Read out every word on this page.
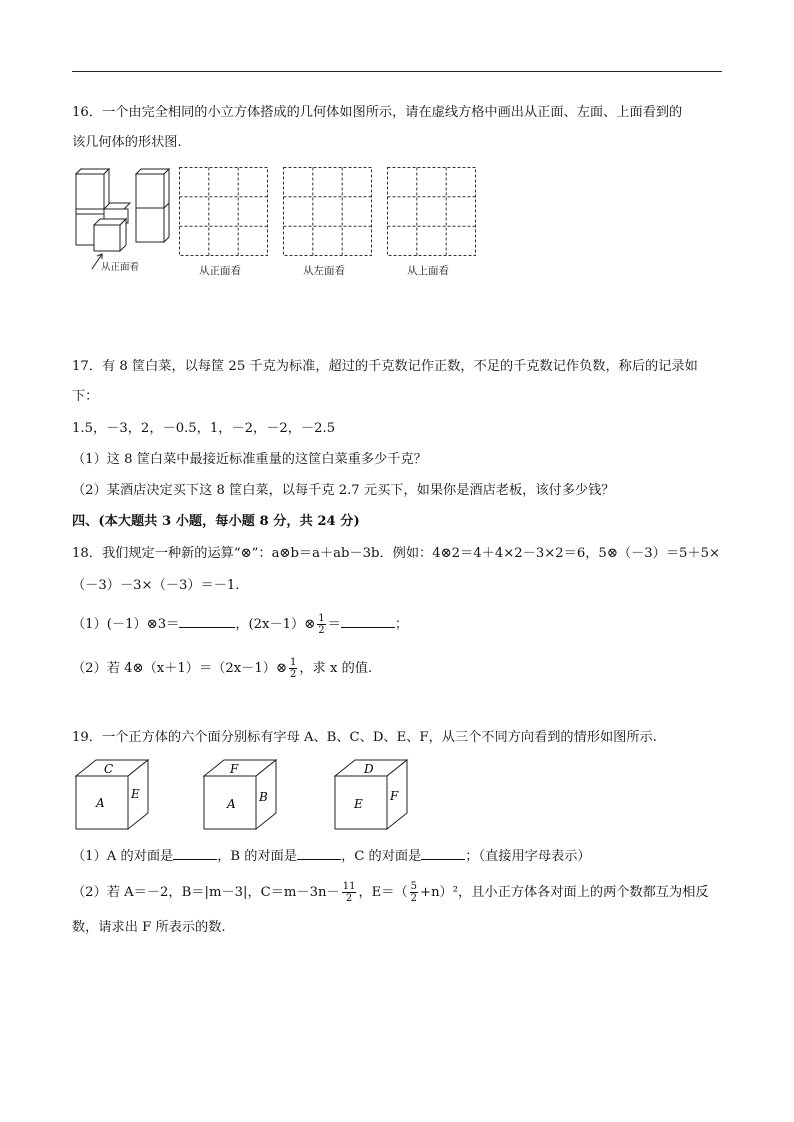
16．一个由完全相同的小立方体搭成的几何体如图所示，请在虚线方格中画出从正面、左面、上面看到的
该几何体的形状图.
从正面看	从正面看	从左面看	从上面看
17．有 8 筐白菜，以每筐 25 千克为标准，超过的千克数记作正数，不足的千克数记作负数，称后的记录如
下：
1.5，－3，2，－0.5，1，－2，－2，－2.5
（1）这 8 筐白菜中最接近标准重量的这筐白菜重多少千克？
（2）某酒店决定买下这 8 筐白菜，以每千克 2.7 元买下，如果你是酒店老板，该付多少钱？
四、(本大题共 3 小题，每小题 8 分，共 24 分)
18．我们规定一种新的运算“⊗”：a⊗b＝a＋ab－3b．例如：4⊗2＝4＋4×2－3×2＝6，5⊗（－3）＝5＋5×
（－3）－3×（－3）＝－1.
（1）(－1）⊗3＝	，(2x－1）⊗ $\frac{1}{2}$ ＝	；
（2）若 4⊗（x＋1）＝（2x－1）⊗ $\frac{1}{2}$ ，求 x 的值.
19．一个正方体的六个面分别标有字母 A、B、C、D、E、F，从三个不同方向看到的情形如图所示.
C
A
E
F
A B
D
E
F
（1）A 的对面是	，B 的对面是	，C 的对面是	；（直接用字母表示）
（2）若 A＝－2，B＝|m－3|，$C=m-3n- \frac{11}{2}$ ，$E=( \frac{5}{2} +n)^2$，且小正方体各对面上的两个数都互为相反
数，请求出 F 所表示的数.
